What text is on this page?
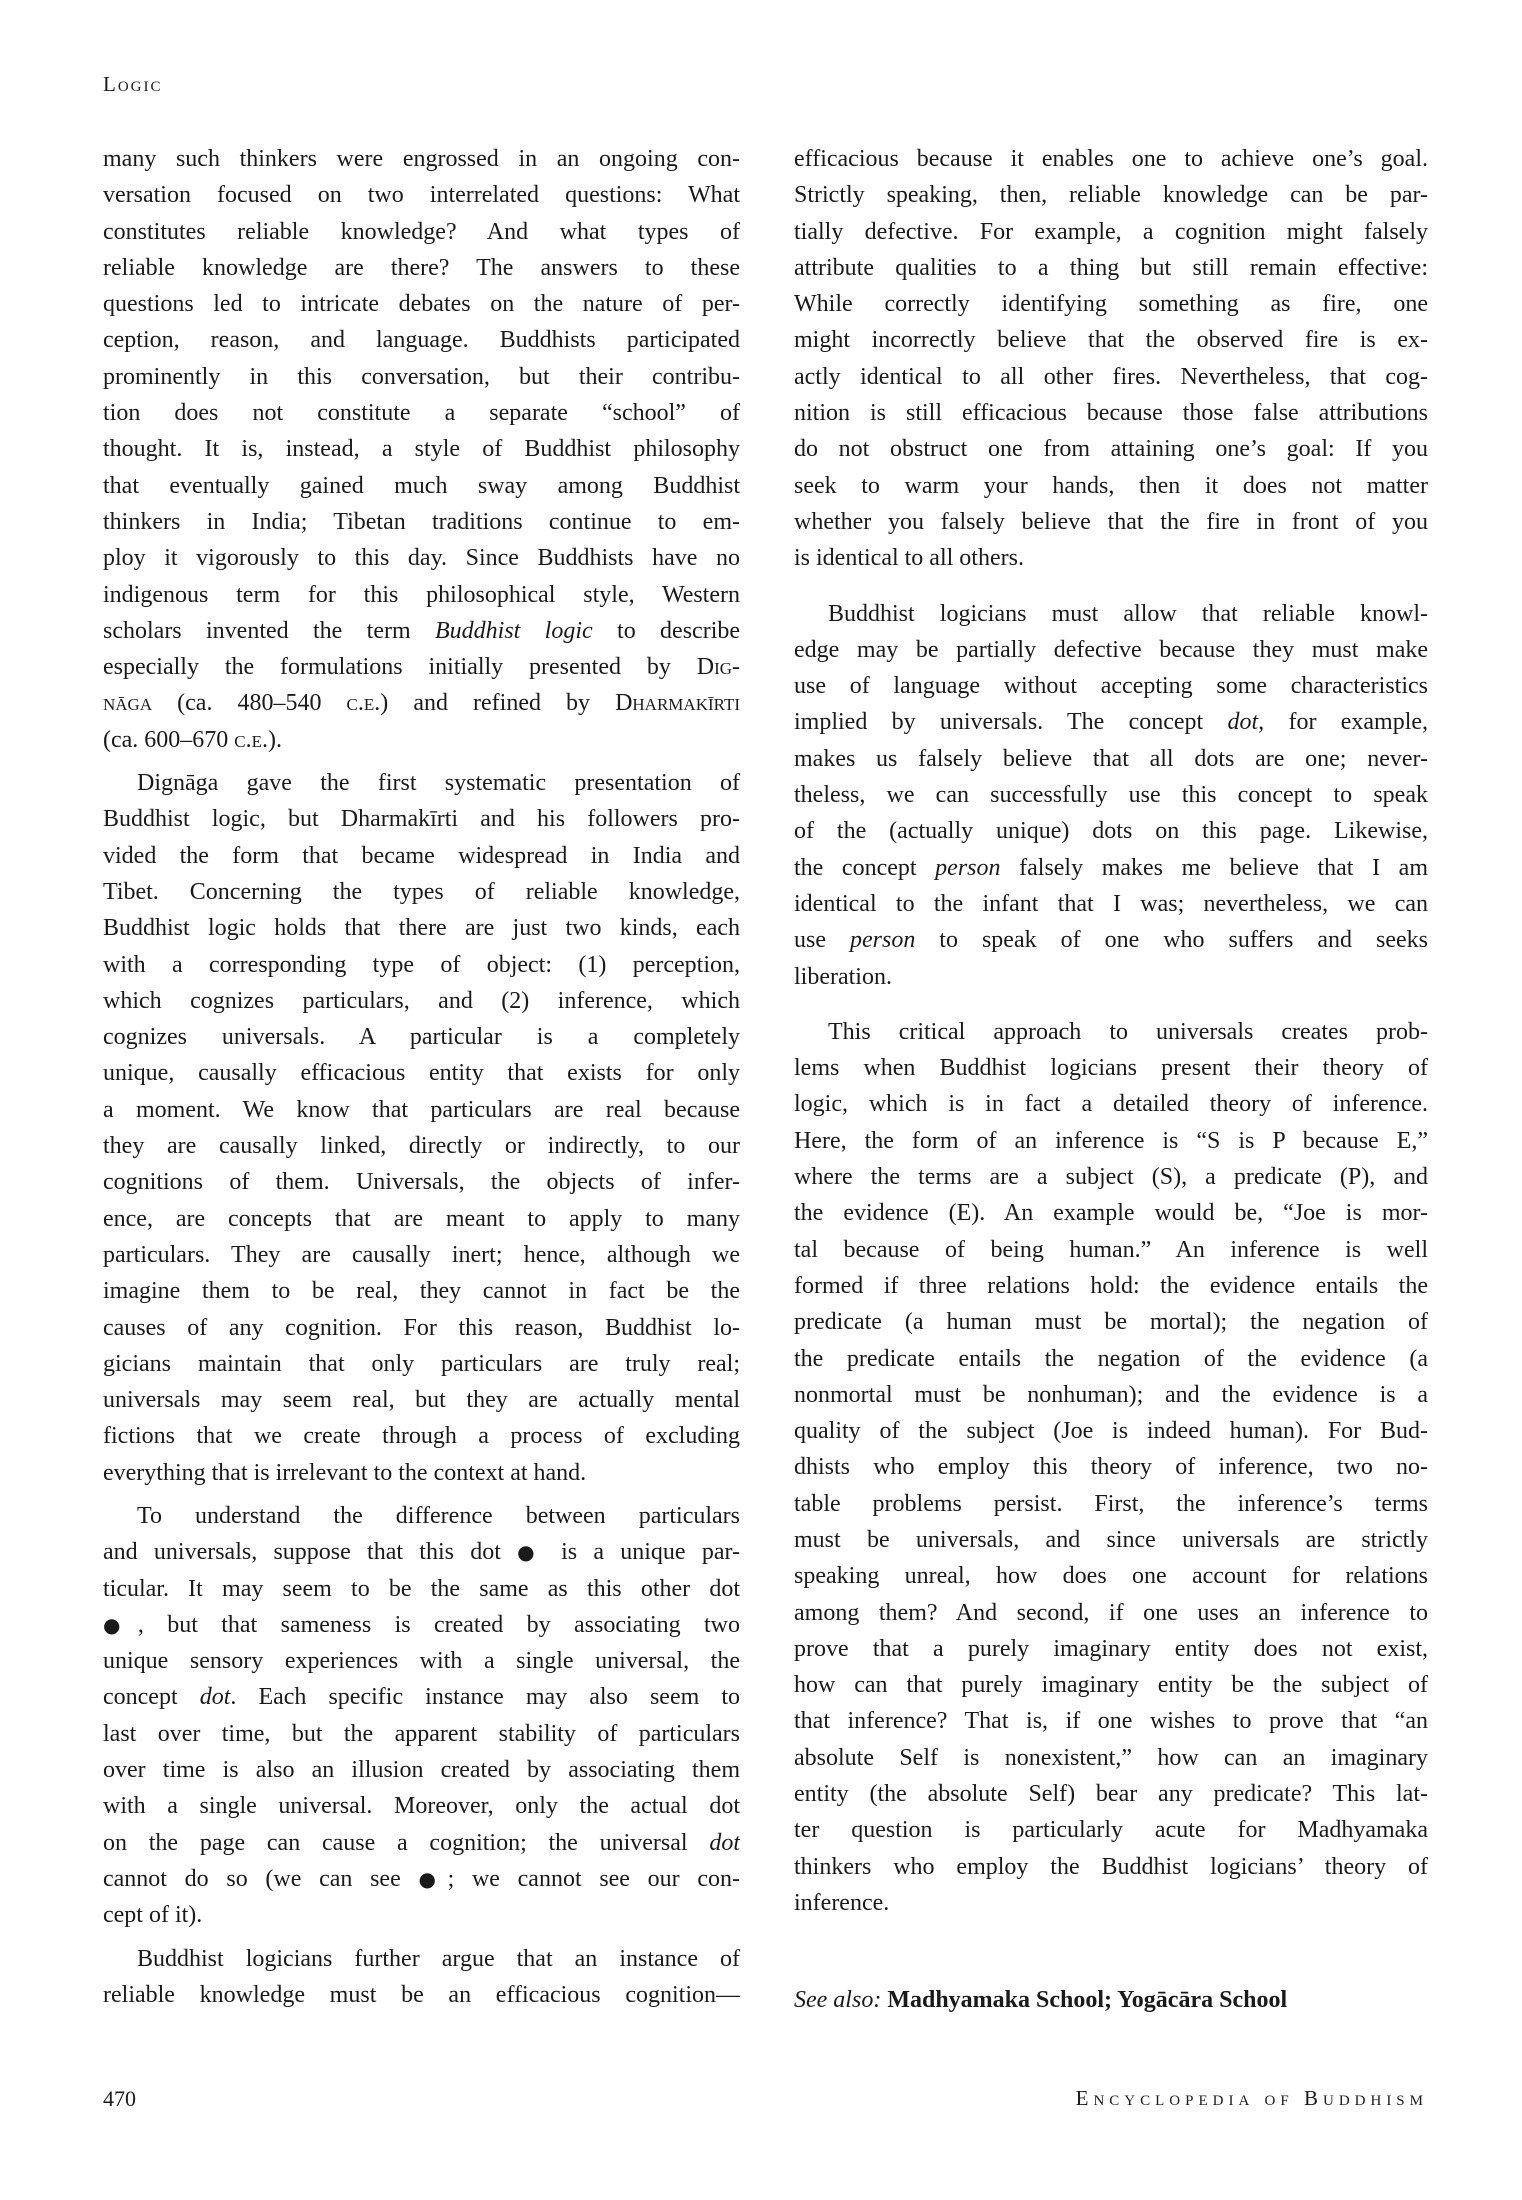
Logic
many such thinkers were engrossed in an ongoing con-
versation focused on two interrelated questions: What
constitutes reliable knowledge? And what types of
reliable knowledge are there? The answers to these
questions led to intricate debates on the nature of per-
ception, reason, and language. Buddhists participated
prominently in this conversation, but their contribu-
tion does not constitute a separate “school” of
thought. It is, instead, a style of Buddhist philosophy
that eventually gained much sway among Buddhist
thinkers in India; Tibetan traditions continue to em-
ploy it vigorously to this day. Since Buddhists have no
indigenous term for this philosophical style, Western
scholars invented the term Buddhist logic to describe
especially the formulations initially presented by Dig-
nāga (ca. 480–540 c.e.) and refined by Dharmakīrti
(ca. 600–670 c.e.).
Dignāga gave the first systematic presentation of
Buddhist logic, but Dharmakīrti and his followers pro-
vided the form that became widespread in India and
Tibet. Concerning the types of reliable knowledge,
Buddhist logic holds that there are just two kinds, each
with a corresponding type of object: (1) perception,
which cognizes particulars, and (2) inference, which
cognizes universals. A particular is a completely
unique, causally efficacious entity that exists for only
a moment. We know that particulars are real because
they are causally linked, directly or indirectly, to our
cognitions of them. Universals, the objects of infer-
ence, are concepts that are meant to apply to many
particulars. They are causally inert; hence, although we
imagine them to be real, they cannot in fact be the
causes of any cognition. For this reason, Buddhist lo-
gicians maintain that only particulars are truly real;
universals may seem real, but they are actually mental
fictions that we create through a process of excluding
everything that is irrelevant to the context at hand.
To understand the difference between particulars
and universals, suppose that this dot ● is a unique par-
ticular. It may seem to be the same as this other dot
●, but that sameness is created by associating two
unique sensory experiences with a single universal, the
concept dot. Each specific instance may also seem to
last over time, but the apparent stability of particulars
over time is also an illusion created by associating them
with a single universal. Moreover, only the actual dot
on the page can cause a cognition; the universal dot
cannot do so (we can see ●; we cannot see our con-
cept of it).
Buddhist logicians further argue that an instance of
reliable knowledge must be an efficacious cognition—
efficacious because it enables one to achieve one’s goal.
Strictly speaking, then, reliable knowledge can be par-
tially defective. For example, a cognition might falsely
attribute qualities to a thing but still remain effective:
While correctly identifying something as fire, one
might incorrectly believe that the observed fire is ex-
actly identical to all other fires. Nevertheless, that cog-
nition is still efficacious because those false attributions
do not obstruct one from attaining one’s goal: If you
seek to warm your hands, then it does not matter
whether you falsely believe that the fire in front of you
is identical to all others.
Buddhist logicians must allow that reliable knowl-
edge may be partially defective because they must make
use of language without accepting some characteristics
implied by universals. The concept dot, for example,
makes us falsely believe that all dots are one; never-
theless, we can successfully use this concept to speak
of the (actually unique) dots on this page. Likewise,
the concept person falsely makes me believe that I am
identical to the infant that I was; nevertheless, we can
use person to speak of one who suffers and seeks
liberation.
This critical approach to universals creates prob-
lems when Buddhist logicians present their theory of
logic, which is in fact a detailed theory of inference.
Here, the form of an inference is “S is P because E,”
where the terms are a subject (S), a predicate (P), and
the evidence (E). An example would be, “Joe is mor-
tal because of being human.” An inference is well
formed if three relations hold: the evidence entails the
predicate (a human must be mortal); the negation of
the predicate entails the negation of the evidence (a
nonmortal must be nonhuman); and the evidence is a
quality of the subject (Joe is indeed human). For Bud-
dhists who employ this theory of inference, two no-
table problems persist. First, the inference’s terms
must be universals, and since universals are strictly
speaking unreal, how does one account for relations
among them? And second, if one uses an inference to
prove that a purely imaginary entity does not exist,
how can that purely imaginary entity be the subject of
that inference? That is, if one wishes to prove that “an
absolute Self is nonexistent,” how can an imaginary
entity (the absolute Self) bear any predicate? This lat-
ter question is particularly acute for Madhyamaka
thinkers who employ the Buddhist logicians’ theory of
inference.
See also: Madhyamaka School; Yogācāra School
470	Encyclopedia of Buddhism
